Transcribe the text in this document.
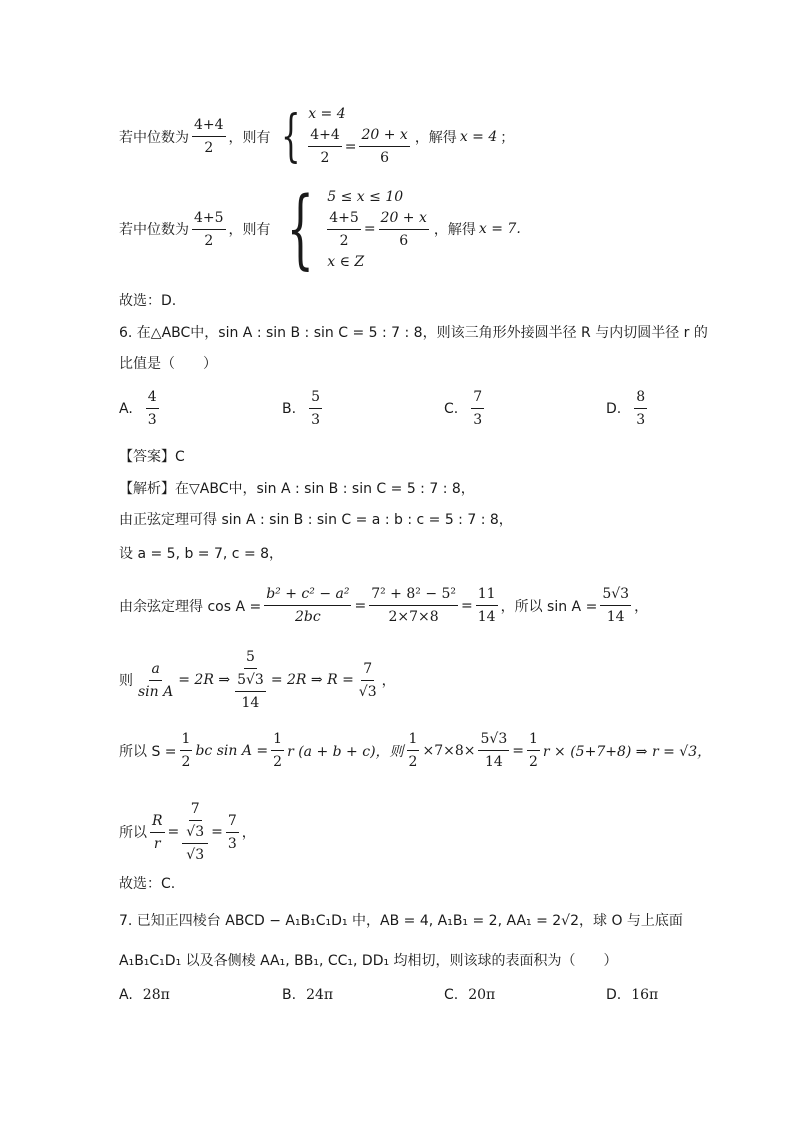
若中位数为 $\frac{4+4}{2}$ ，则有 { x = 4
$\frac{4+4}{2} = \frac{20 + x}{6}$ ，解得 x = 4 ；
若中位数为 $\frac{4+5}{2}$ ，则有 { 5 ≤ x ≤ 10
$\frac{4+5}{2} = \frac{20 + x}{6}$
x ∈ Z
，解得 x = 7.
故选：D.
6. 在△ABC中，sin A : sin B : sin C = 5 : 7 : 8，则该三角形外接圆半径 R 与内切圆半径 r 的
比值是（　　）
A. $\frac{4}{3}$	B. $\frac{5}{3}$	C. $\frac{7}{3}$	D. $\frac{8}{3}$
【答案】C
【解析】在▽ABC中，sin A : sin B : sin C = 5 : 7 : 8，
由正弦定理可得 sin A : sin B : sin C = a : b : c = 5 : 7 : 8，
设 a = 5, b = 7, c = 8，
由余弦定理得 $\cos A = \frac{\text{b² + c² − a²}}{2bc} = \frac{\text{7² + 8² − 5²}}{2\times 7\times 8} = \frac{11}{14}$ ，所以 $\sin A = \frac{5√3}{14}$ ，
则 $\frac{a}{\text{sin A}} = 2R$ ⇒ $\frac{5}{\frac{5√3}{14}} = 2R$ ⇒ $R = \frac{7}{√3}$ ，
所以 $S = \frac{1}{2}$ bc $\sin A = \frac{1}{2}$ r (a + b + c)，则 $\frac{1}{2} \times 7\times 8\times \frac{5√3}{14} = \frac{1}{2}$ r × (5+7+8) ⇒ r = √3，
所以 $\frac{R}{r} = \frac{\frac{7}{√3}}{√3} = \frac{7}{3}$ ，
故选：C.
7. 已知正四棱台 ABCD − A₁B₁C₁D₁ 中，AB = 4, A₁B₁ = 2, AA₁ = 2√2，球 O 与上底面
A₁B₁C₁D₁ 以及各侧棱 AA₁, BB₁, CC₁, DD₁ 均相切，则该球的表面积为（　　）
A. 28π	B. 24π	C. 20π	D. 16π
